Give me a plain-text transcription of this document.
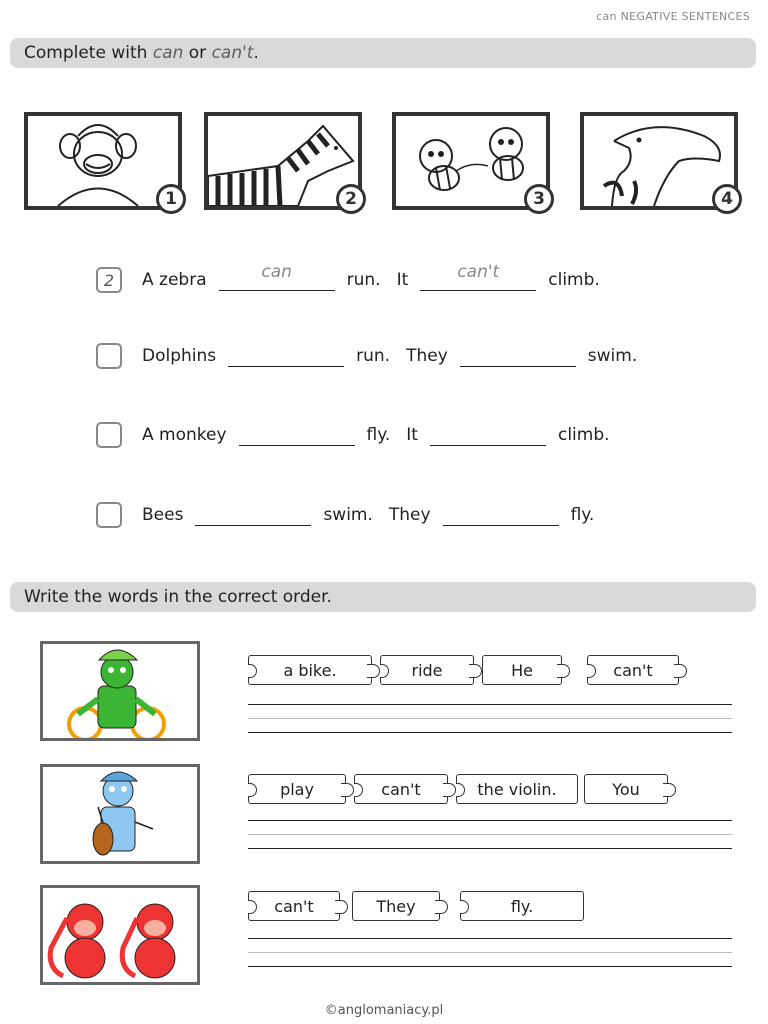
can NEGATIVE SENTENCES
Complete with can or can't .
1	2	3	4
2	A zebra	can	run. It	can't	climb.
Dolphins	run. They	swim.
A monkey	fly. It	climb.
Bees	swim. They	fly.
Write the words in the correct order.
a bike.	ride	He	can't
play	can't	the violin.	You
can't	They	fly.
©anglomaniacy.pl
